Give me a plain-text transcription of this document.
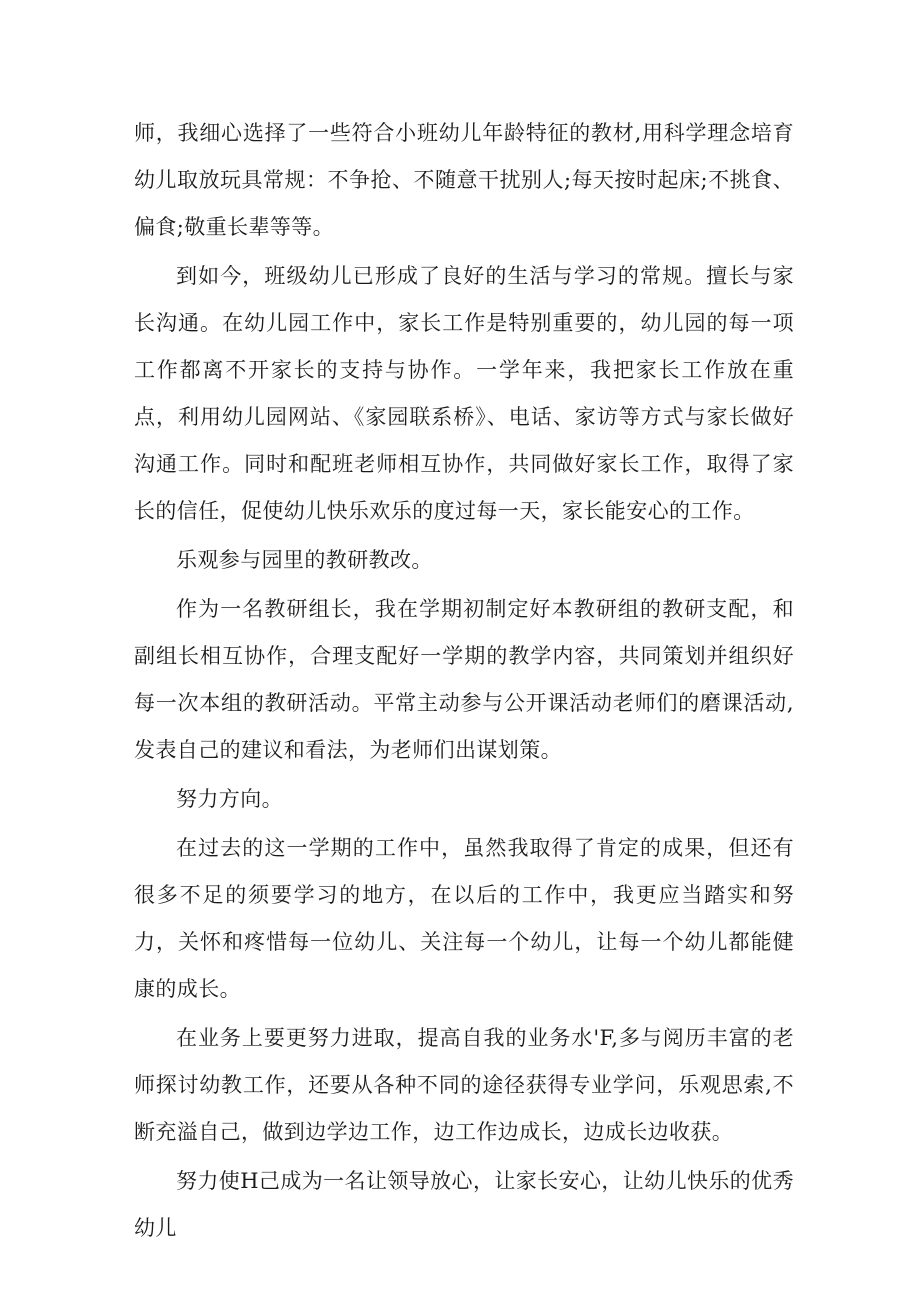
师，我细心选择了一些符合小班幼儿年龄特征的教材,用科学理念培育幼儿取放玩具常规：不争抢、不随意干扰别人;每天按时起床;不挑食、偏食;敬重长辈等等。

到如今，班级幼儿已形成了良好的生活与学习的常规。擅长与家长沟通。在幼儿园工作中，家长工作是特别重要的，幼儿园的每一项工作都离不开家长的支持与协作。一学年来，我把家长工作放在重点，利用幼儿园网站、《家园联系桥》、电话、家访等方式与家长做好沟通工作。同时和配班老师相互协作，共同做好家长工作，取得了家长的信任，促使幼儿快乐欢乐的度过每一天，家长能安心的工作。

乐观参与园里的教研教改。

作为一名教研组长，我在学期初制定好本教研组的教研支配，和副组长相互协作，合理支配好一学期的教学内容，共同策划并组织好每一次本组的教研活动。平常主动参与公开课活动老师们的磨课活动,发表自己的建议和看法，为老师们出谋划策。

努力方向。

在过去的这一学期的工作中，虽然我取得了肯定的成果，但还有很多不足的须要学习的地方，在以后的工作中，我更应当踏实和努力，关怀和疼惜每一位幼儿、关注每一个幼儿，让每一个幼儿都能健康的成长。

在业务上要更努力进取，提高自我的业务水'F,多与阅历丰富的老师探讨幼教工作，还要从各种不同的途径获得专业学问，乐观思索,不断充溢自己，做到边学边工作，边工作边成长，边成长边收获。

努力使H己成为一名让领导放心，让家长安心，让幼儿快乐的优秀幼儿
